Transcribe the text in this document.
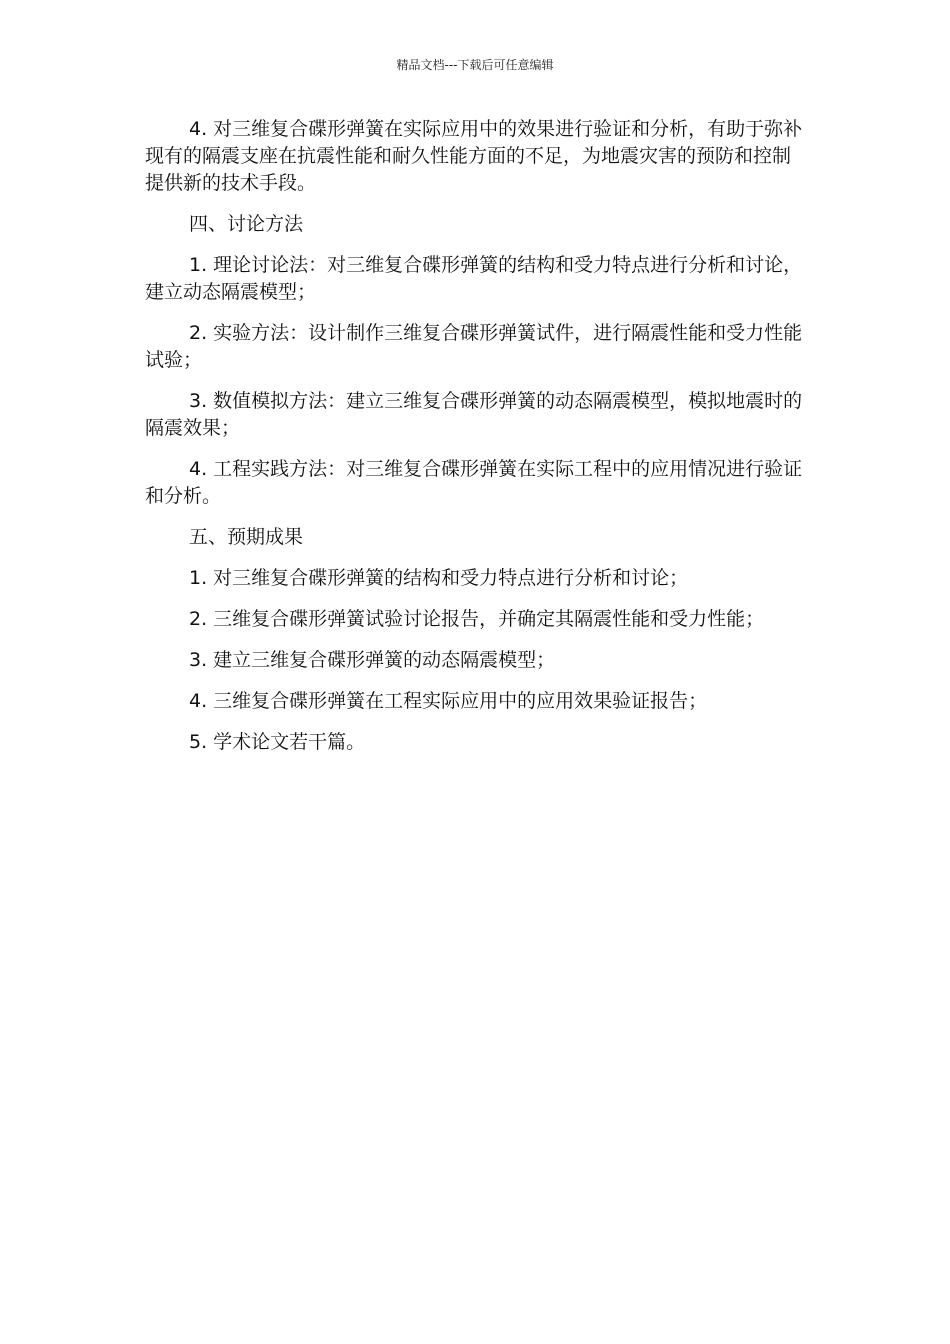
精品文档---下载后可任意编辑

4. 对三维复合碟形弹簧在实际应用中的效果进行验证和分析，有助于弥补现有的隔震支座在抗震性能和耐久性能方面的不足，为地震灾害的预防和控制提供新的技术手段。

四、讨论方法

1. 理论讨论法：对三维复合碟形弹簧的结构和受力特点进行分析和讨论，建立动态隔震模型；

2. 实验方法：设计制作三维复合碟形弹簧试件，进行隔震性能和受力性能试验；

3. 数值模拟方法：建立三维复合碟形弹簧的动态隔震模型，模拟地震时的隔震效果；

4. 工程实践方法：对三维复合碟形弹簧在实际工程中的应用情况进行验证和分析。

五、预期成果

1. 对三维复合碟形弹簧的结构和受力特点进行分析和讨论；

2. 三维复合碟形弹簧试验讨论报告，并确定其隔震性能和受力性能；

3. 建立三维复合碟形弹簧的动态隔震模型；

4. 三维复合碟形弹簧在工程实际应用中的应用效果验证报告；

5. 学术论文若干篇。
